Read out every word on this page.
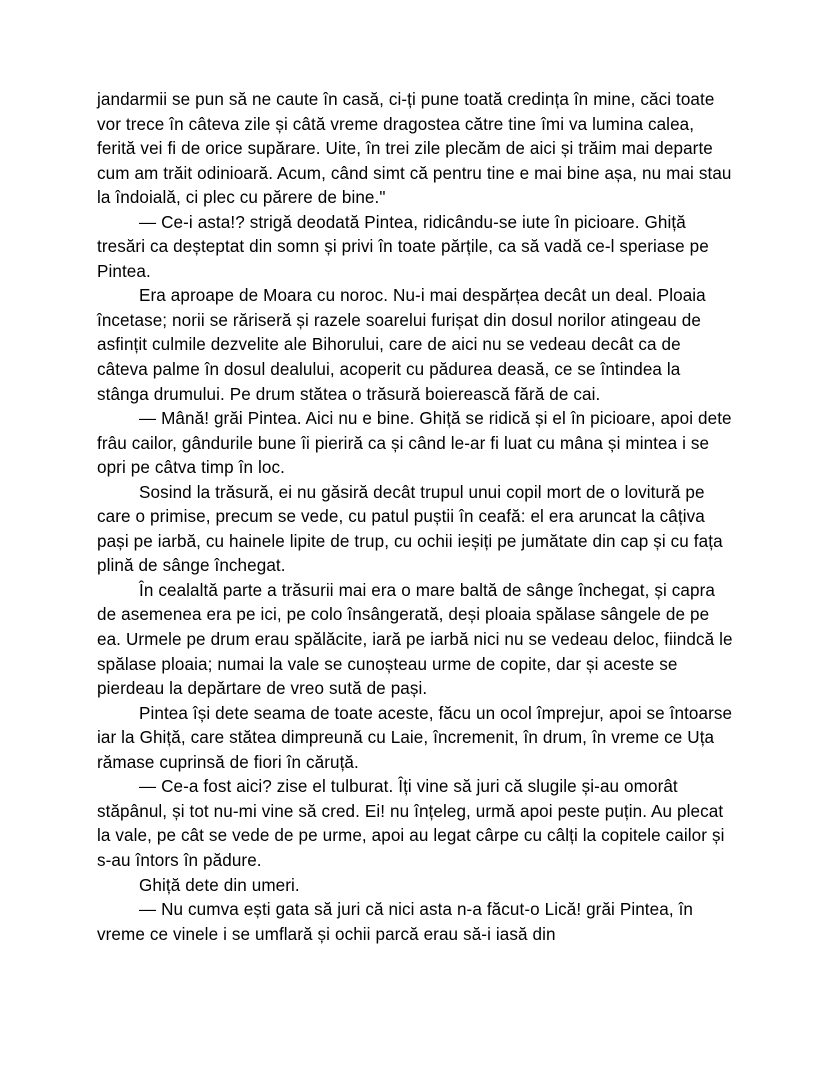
jandarmii se pun să ne caute în casă, ci-ți pune toată credința în mine, căci toate vor trece în câteva zile și câtă vreme dragostea către tine îmi va lumina calea, ferită vei fi de orice supărare. Uite, în trei zile plecăm de aici și trăim mai departe cum am trăit odinioară. Acum, când simt că pentru tine e mai bine așa, nu mai stau la îndoială, ci plec cu părere de bine."

— Ce-i asta!? strigă deodată Pintea, ridicându-se iute în picioare. Ghiță tresări ca deșteptat din somn și privi în toate părțile, ca să vadă ce-l speriase pe Pintea.

Era aproape de Moara cu noroc. Nu-i mai despărțea decât un deal. Ploaia încetase; norii se răriseră și razele soarelui furișat din dosul norilor atingeau de asfințit culmile dezvelite ale Bihorului, care de aici nu se vedeau decât ca de câteva palme în dosul dealului, acoperit cu pădurea deasă, ce se întindea la stânga drumului. Pe drum stătea o trăsură boierească fără de cai.

— Mână! grăi Pintea. Aici nu e bine. Ghiță se ridică și el în picioare, apoi dete frâu cailor, gândurile bune îi pieriră ca și când le-ar fi luat cu mâna și mintea i se opri pe câtva timp în loc.

Sosind la trăsură, ei nu găsiră decât trupul unui copil mort de o lovitură pe care o primise, precum se vede, cu patul puștii în ceafă: el era aruncat la câțiva pași pe iarbă, cu hainele lipite de trup, cu ochii ieșiți pe jumătate din cap și cu fața plină de sânge închegat.

În cealaltă parte a trăsurii mai era o mare baltă de sânge închegat, și capra de asemenea era pe ici, pe colo însângerată, deși ploaia spălase sângele de pe ea. Urmele pe drum erau spălăcite, iară pe iarbă nici nu se vedeau deloc, fiindcă le spălase ploaia; numai la vale se cunoșteau urme de copite, dar și aceste se pierdeau la depărtare de vreo sută de pași.

Pintea își dete seama de toate aceste, făcu un ocol împrejur, apoi se întoarse iar la Ghiță, care stătea dimpreună cu Laie, încremenit, în drum, în vreme ce Uța rămase cuprinsă de fiori în căruță.

— Ce-a fost aici? zise el tulburat. Îți vine să juri că slugile și-au omorât stăpânul, și tot nu-mi vine să cred. Ei! nu înțeleg, urmă apoi peste puțin. Au plecat la vale, pe cât se vede de pe urme, apoi au legat cârpe cu câlți la copitele cailor și s-au întors în pădure.

Ghiță dete din umeri.

— Nu cumva ești gata să juri că nici asta n-a făcut-o Lică! grăi Pintea, în vreme ce vinele i se umflară și ochii parcă erau să-i iasă din
